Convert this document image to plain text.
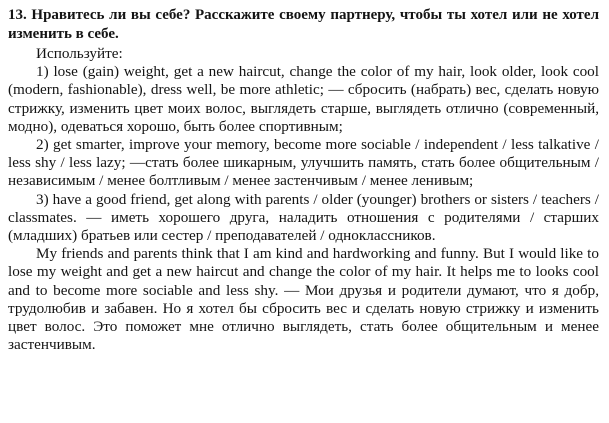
13. Нравитесь ли вы себе? Расскажите своему партнеру, чтобы ты хотел или не хотел изменить в себе.

Используйте:

1) lose (gain) weight, get a new haircut, change the color of my hair, look older, look cool (modern, fashionable), dress well, be more athletic; — сбросить (набрать) вес, сделать новую стрижку, изменить цвет моих волос, выглядеть старше, выглядеть отлично (современный, модно), одеваться хорошо, быть более спортивным;

2) get smarter, improve your memory, become more sociable / independent / less talkative / less shy / less lazy; —стать более шикарным, улучшить память, стать более общительным / независимым / менее болтливым / менее застенчивым / менее ленивым;

3) have a good friend, get along with parents / older (younger) brothers or sisters / teachers / classmates. — иметь хорошего друга, наладить отношения с родителями / старших (младших) братьев или сестер / преподавателей / одноклассников.

My friends and parents think that I am kind and hardworking and funny. But I would like to lose my weight and get a new haircut and change the color of my hair. It helps me to looks cool and to become more sociable and less shy. — Мои друзья и родители думают, что я добр, трудолюбив и забавен. Но я хотел бы сбросить вес и сделать новую стрижку и изменить цвет волос. Это поможет мне отлично выглядеть, стать более общительным и менее застенчивым.
